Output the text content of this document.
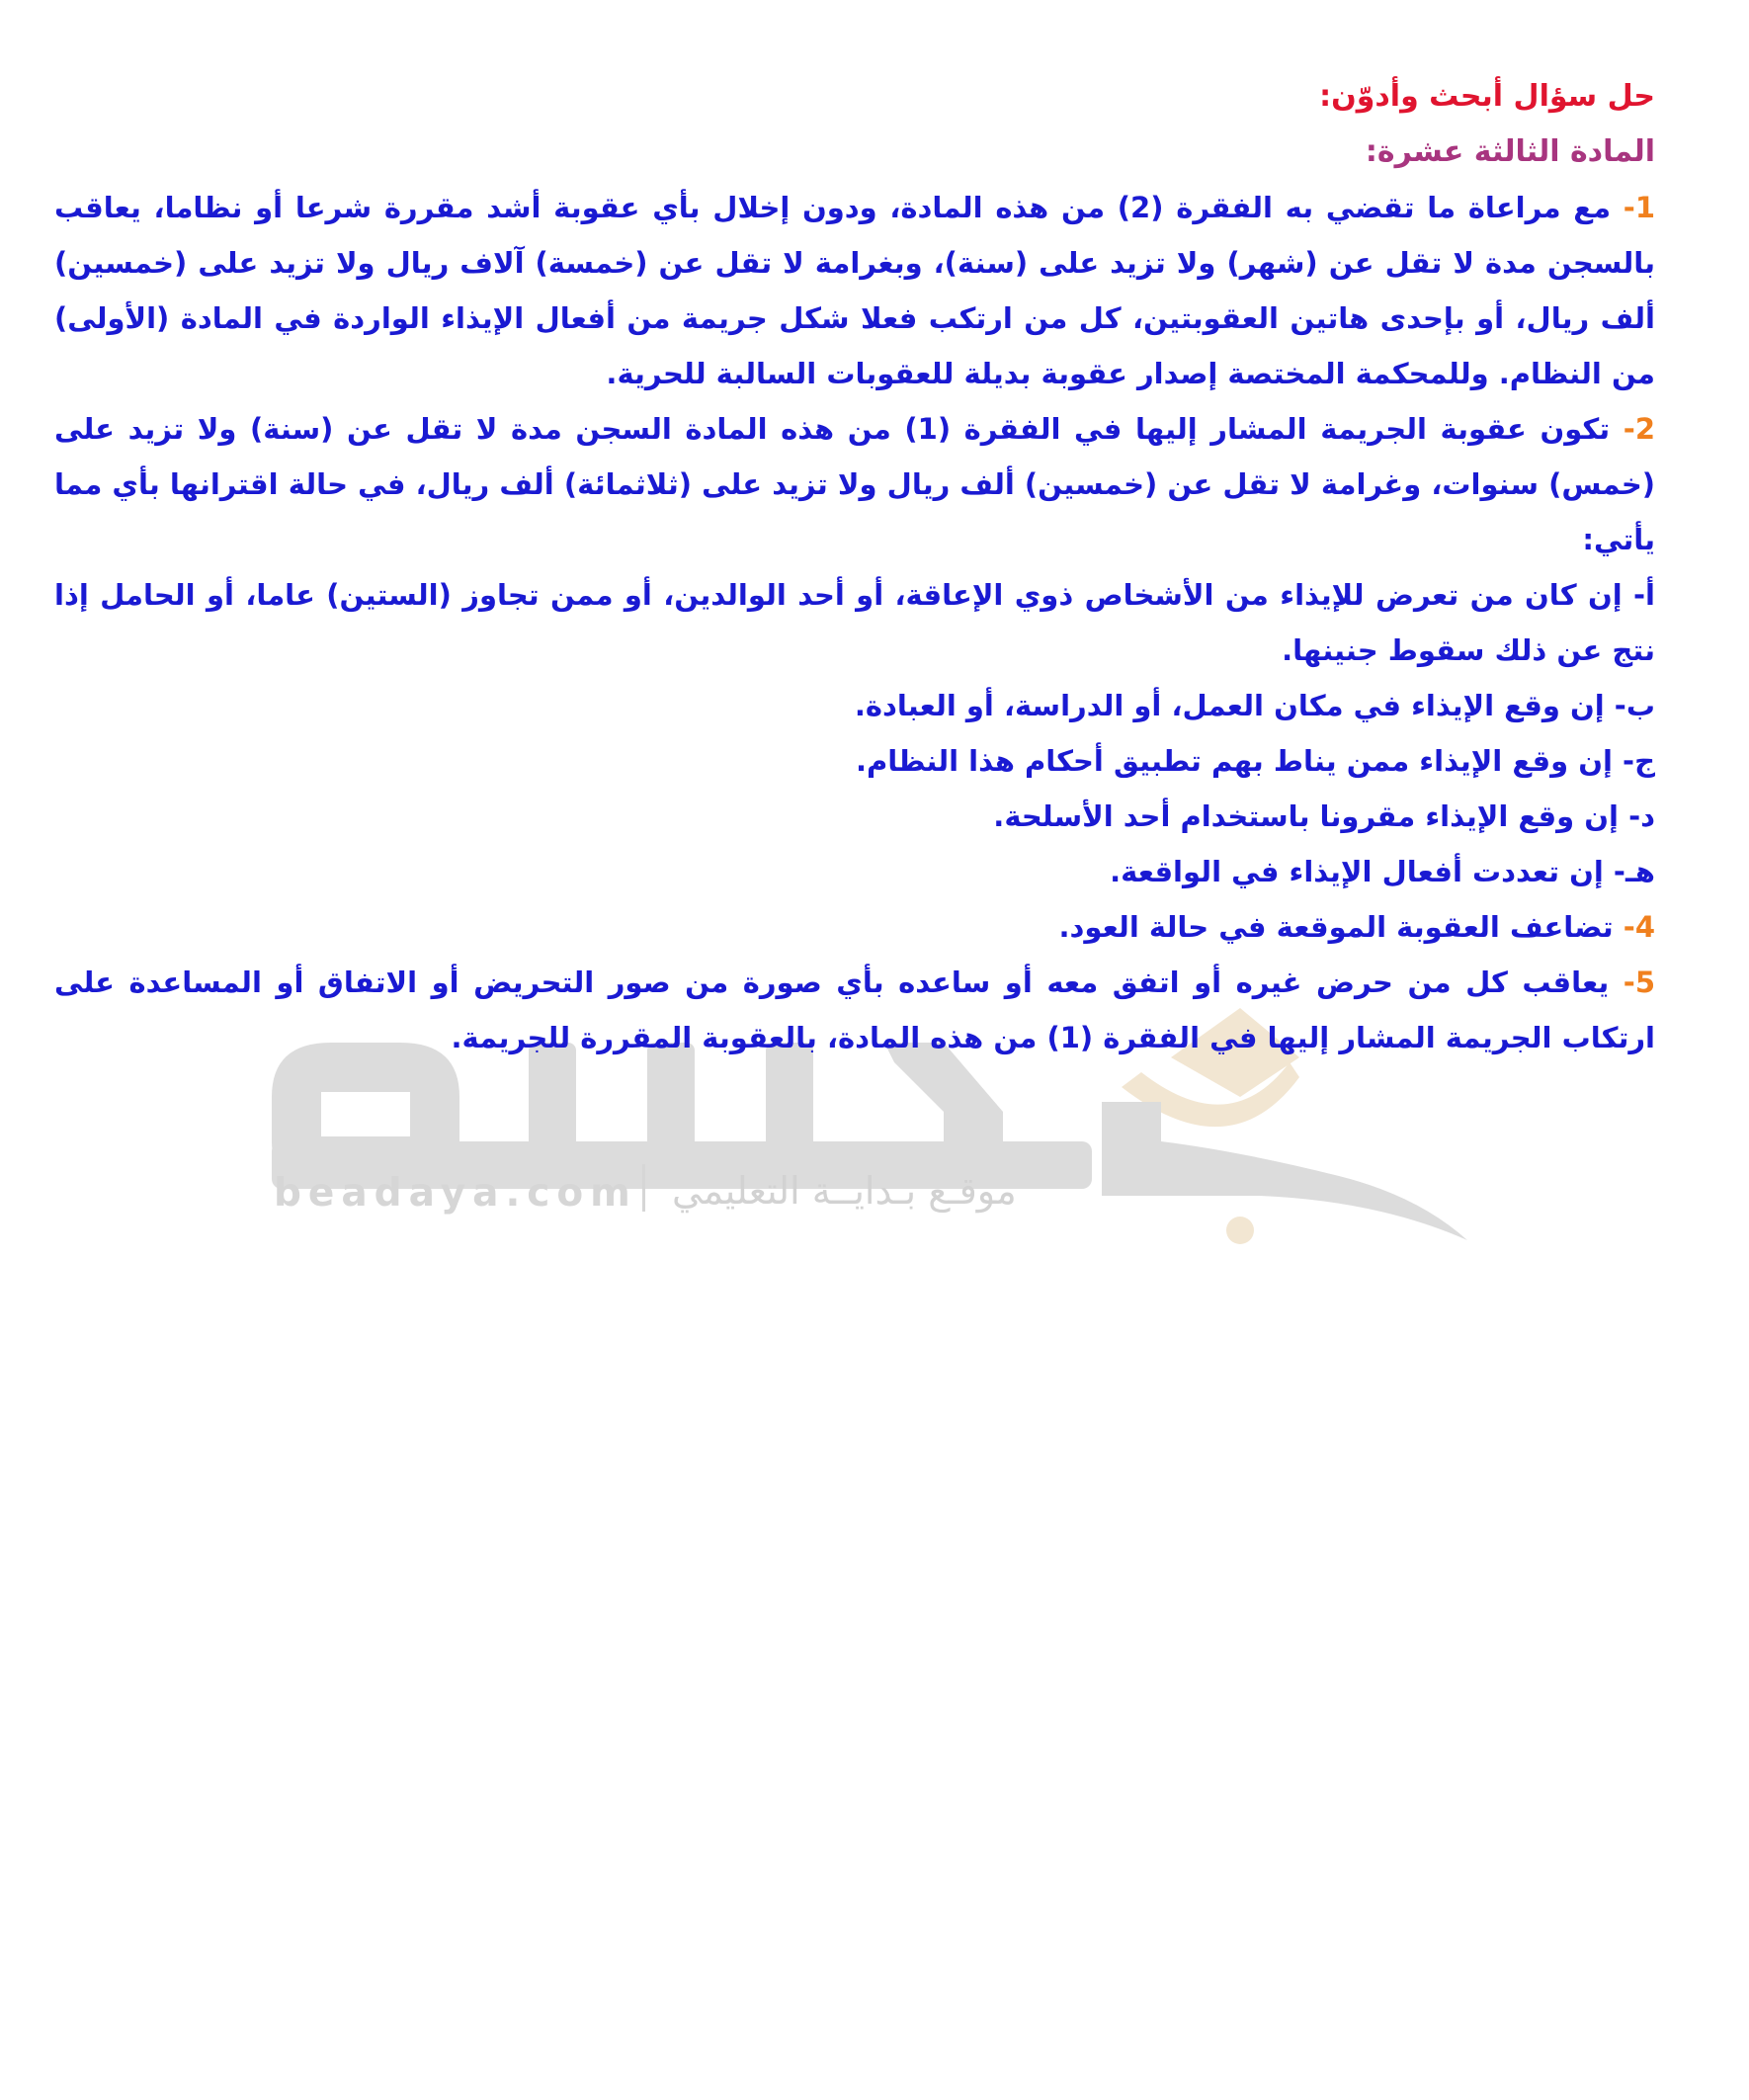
beadaya.com موقـع بـدايــة التعليمي
حل سؤال أبحث وأدوّن:
المادة الثالثة عشرة:

1- مع مراعاة ما تقضي به الفقرة (2) من هذه المادة، ودون إخلال بأي عقوبة أشد مقررة شرعا أو نظاما، يعاقب بالسجن مدة لا تقل عن (شهر) ولا تزيد على (سنة)، وبغرامة لا تقل عن (خمسة) آلاف ريال ولا تزيد على (خمسين) ألف ريال، أو بإحدى هاتين العقوبتين، كل من ارتكب فعلا شكل جريمة من أفعال الإيذاء الواردة في المادة (الأولى) من النظام. وللمحكمة المختصة إصدار عقوبة بديلة للعقوبات السالبة للحرية.

2- تكون عقوبة الجريمة المشار إليها في الفقرة (1) من هذه المادة السجن مدة لا تقل عن (سنة) ولا تزيد على (خمس) سنوات، وغرامة لا تقل عن (خمسين) ألف ريال ولا تزيد على (ثلاثمائة) ألف ريال، في حالة اقترانها بأي مما يأتي:

أ- إن كان من تعرض للإيذاء من الأشخاص ذوي الإعاقة، أو أحد الوالدين، أو ممن تجاوز (الستين) عاما، أو الحامل إذا نتج عن ذلك سقوط جنينها.

ب- إن وقع الإيذاء في مكان العمل، أو الدراسة، أو العبادة.

ج- إن وقع الإيذاء ممن يناط بهم تطبيق أحكام هذا النظام.

د- إن وقع الإيذاء مقرونا باستخدام أحد الأسلحة.

هـ- إن تعددت أفعال الإيذاء في الواقعة.

4- تضاعف العقوبة الموقعة في حالة العود.

5- يعاقب كل من حرض غيره أو اتفق معه أو ساعده بأي صورة من صور التحريض أو الاتفاق أو المساعدة على ارتكاب الجريمة المشار إليها في الفقرة (1) من هذه المادة، بالعقوبة المقررة للجريمة.
